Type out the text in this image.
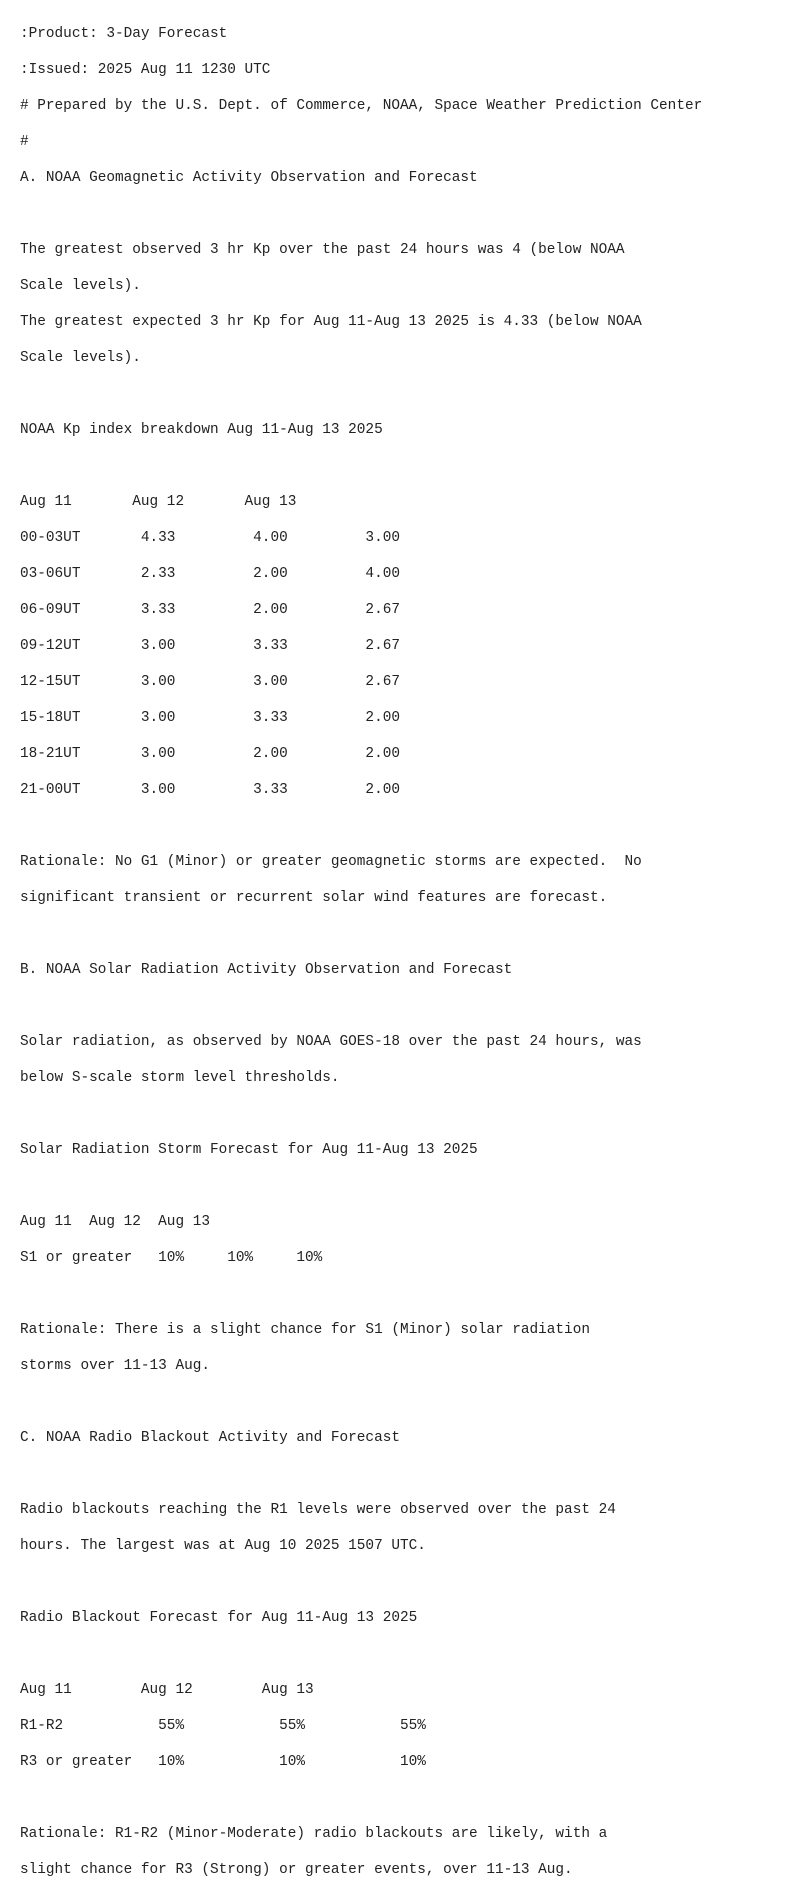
:Product: 3-Day Forecast

:Issued: 2025 Aug 11 1230 UTC

# Prepared by the U.S. Dept. of Commerce, NOAA, Space Weather Prediction Center

#

A. NOAA Geomagnetic Activity Observation and Forecast

The greatest observed 3 hr Kp over the past 24 hours was 4 (below NOAA

Scale levels).

The greatest expected 3 hr Kp for Aug 11-Aug 13 2025 is 4.33 (below NOAA

Scale levels).

NOAA Kp index breakdown Aug 11-Aug 13 2025

Aug 11       Aug 12       Aug 13

00-03UT       4.33         4.00         3.00

03-06UT       2.33         2.00         4.00

06-09UT       3.33         2.00         2.67

09-12UT       3.00         3.33         2.67

12-15UT       3.00         3.00         2.67

15-18UT       3.00         3.33         2.00

18-21UT       3.00         2.00         2.00

21-00UT       3.00         3.33         2.00

Rationale: No G1 (Minor) or greater geomagnetic storms are expected.  No

significant transient or recurrent solar wind features are forecast.

B. NOAA Solar Radiation Activity Observation and Forecast

Solar radiation, as observed by NOAA GOES-18 over the past 24 hours, was

below S-scale storm level thresholds.

Solar Radiation Storm Forecast for Aug 11-Aug 13 2025

Aug 11  Aug 12  Aug 13

S1 or greater   10%     10%     10%

Rationale: There is a slight chance for S1 (Minor) solar radiation

storms over 11-13 Aug.

C. NOAA Radio Blackout Activity and Forecast

Radio blackouts reaching the R1 levels were observed over the past 24

hours. The largest was at Aug 10 2025 1507 UTC.

Radio Blackout Forecast for Aug 11-Aug 13 2025

Aug 11        Aug 12        Aug 13

R1-R2           55%           55%           55%

R3 or greater   10%           10%           10%

Rationale: R1-R2 (Minor-Moderate) radio blackouts are likely, with a

slight chance for R3 (Strong) or greater events, over 11-13 Aug.
